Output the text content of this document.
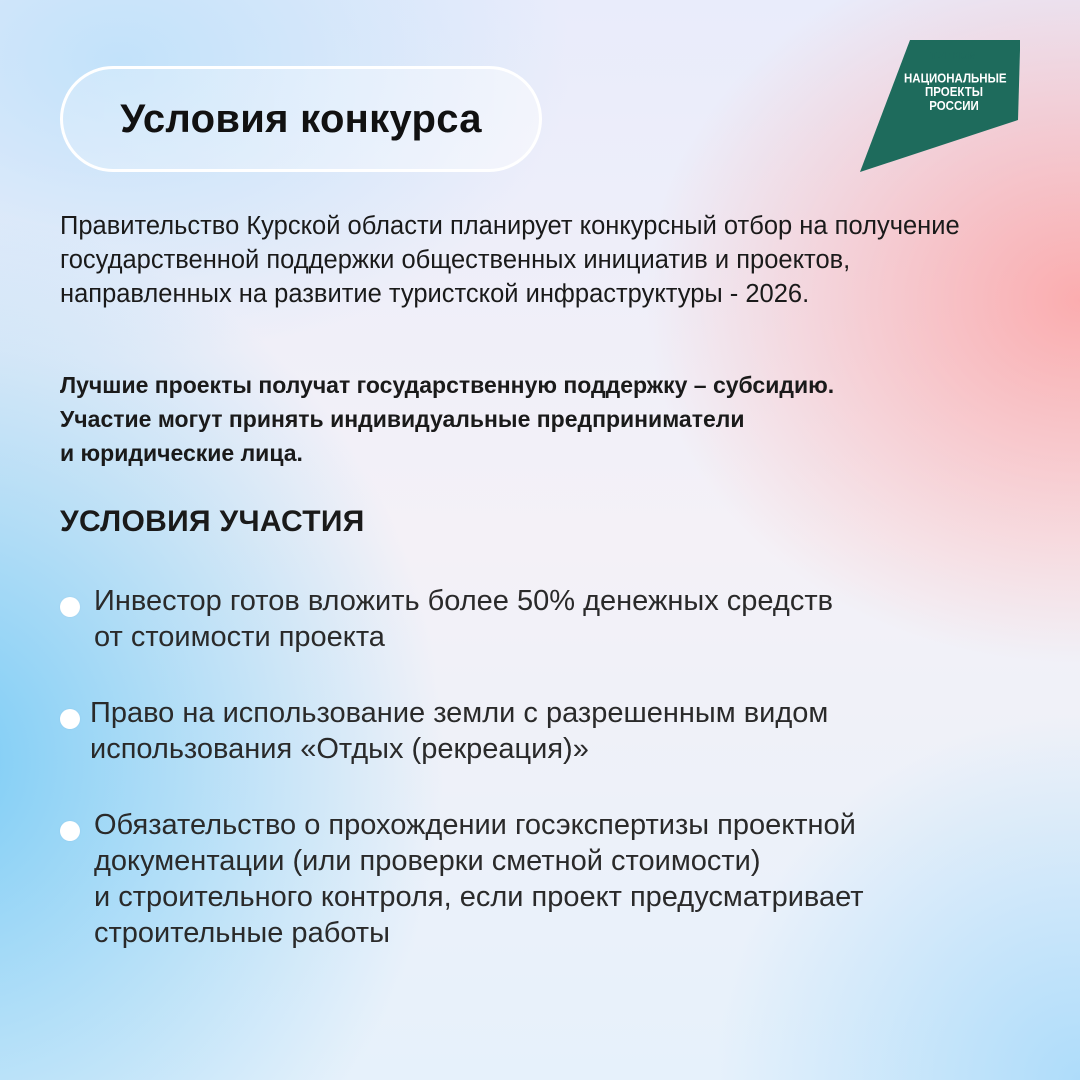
Условия конкурса
ТУРИЗМ
НАЦИОНАЛЬНЫЕ
ПРОЕКТЫ
РОССИИ

Правительство Курской области планирует конкурсный отбор на получение государственной поддержки общественных инициатив и проектов, направленных на развитие туристской инфраструктуры - 2026.

Лучшие проекты получат государственную поддержку – субсидию.
Участие могут принять индивидуальные предприниматели
и юридические лица.
УСЛОВИЯ УЧАСТИЯ
Инвестор готов вложить более 50% денежных средств
от стоимости проекта
Право на использование земли с разрешенным видом
использования «Отдых (рекреация)»
Обязательство о прохождении госэкспертизы проектной
документации (или проверки сметной стоимости)
и строительного контроля, если проект предусматривает
строительные работы
